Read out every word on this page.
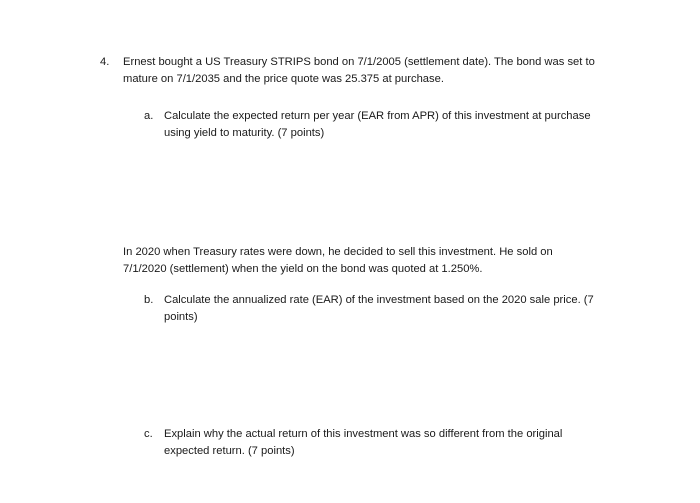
4. Ernest bought a US Treasury STRIPS bond on 7/1/2005 (settlement date). The bond was set to

mature on 7/1/2035 and the price quote was 25.375 at purchase.

a. Calculate the expected return per year (EAR from APR) of this investment at purchase

using yield to maturity. (7 points)

In 2020 when Treasury rates were down, he decided to sell this investment. He sold on

7/1/2020 (settlement) when the yield on the bond was quoted at 1.250%.

b. Calculate the annualized rate (EAR) of the investment based on the 2020 sale price. (7

points)

c. Explain why the actual return of this investment was so different from the original

expected return. (7 points)
